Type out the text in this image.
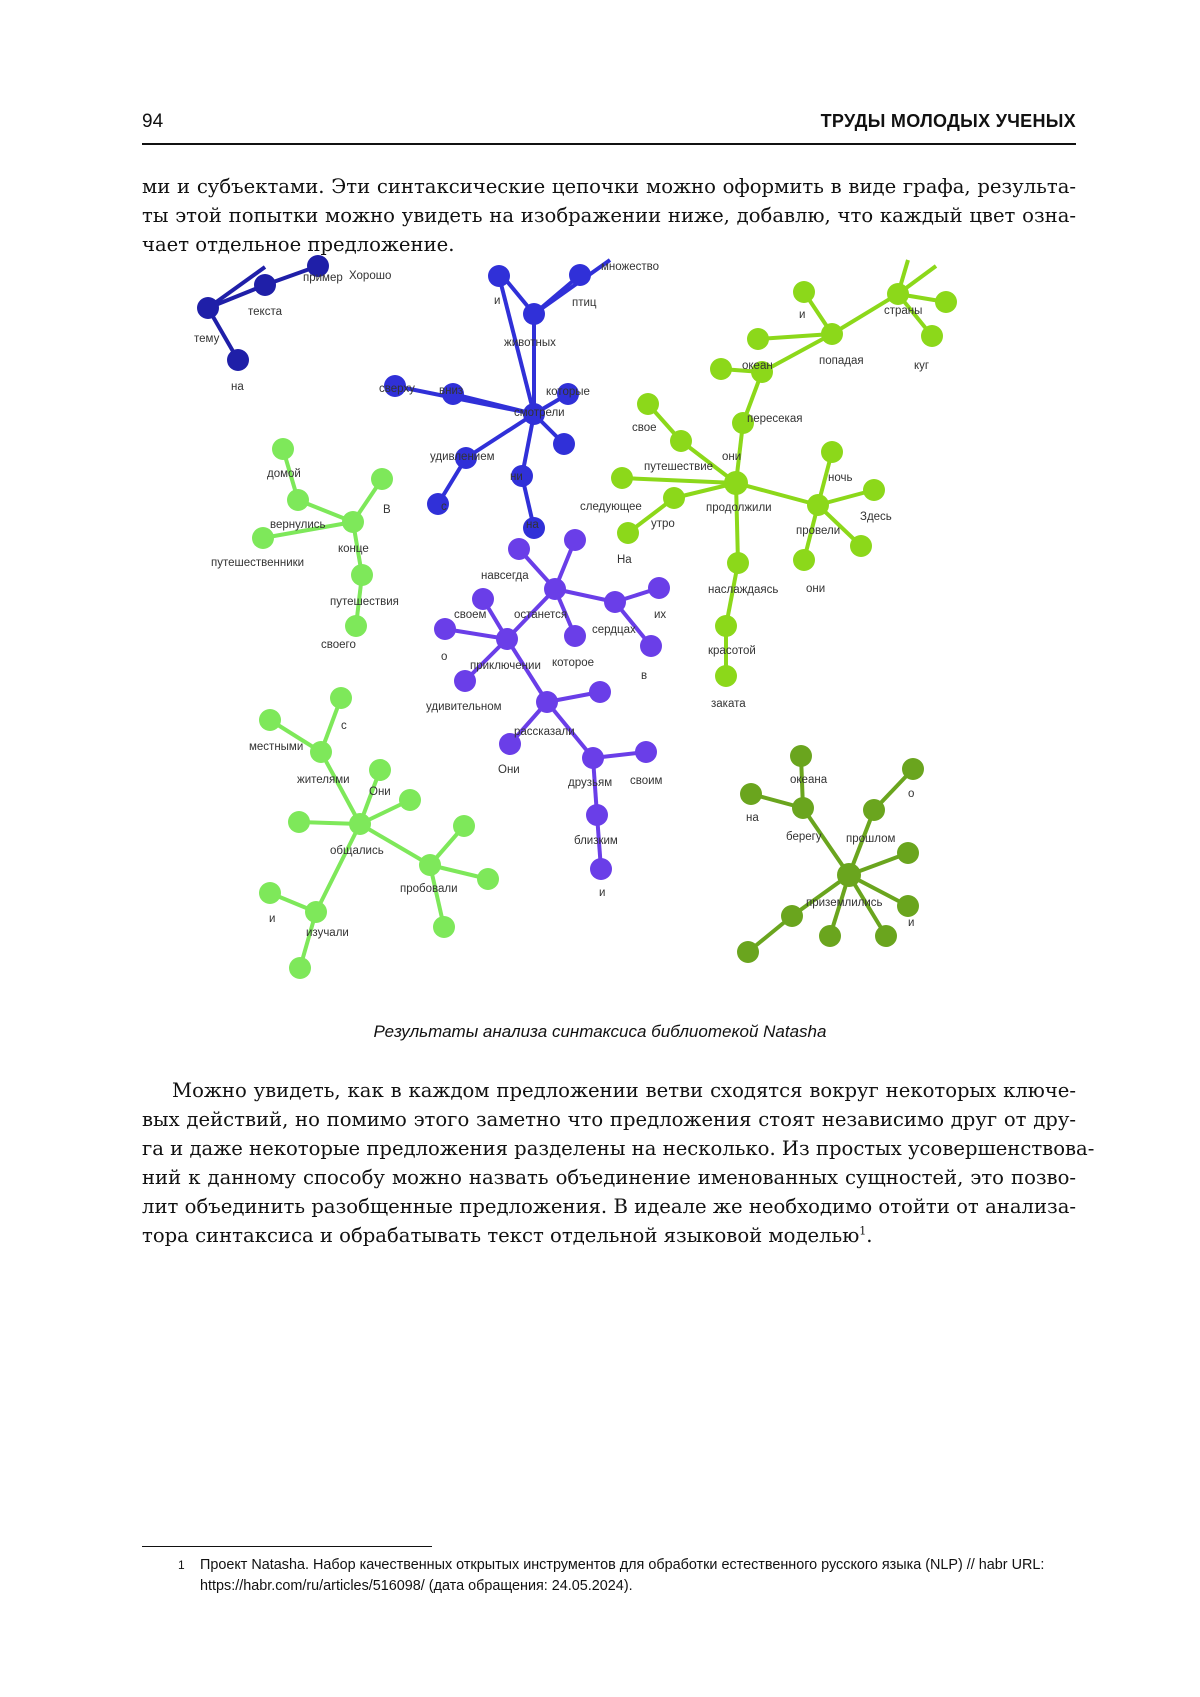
94	ТРУДЫ МОЛОДЫХ УЧЕНЫХ

ми и субъектами. Эти синтаксические цепочки можно оформить в виде графа, результа-
ты этой попытки можно увидеть на изображении ниже, добавлю, что каждый цвет озна-
чает отдельное предложение.

пример Хорошо
текста
тему
на
множество
и	птиц
животных
сверху вниз	которые
смотрели
удивлением
ни
с
на
и	страны
океан	попадая	куг
пересекая
свое
они
путешествие
ночь
следующее	продолжили
Здесь
утро
провели
На
наслаждаясь они
красотой
заката
домой
вернулись
В
конце
путешественники
путешествия
своего
навсегда
своем останется	их
сердцах
о
приключении которое
в
удивительном
рассказали
Они
друзьям своим
близким
и
с
местными
жителями
Они
общались
пробовали
и
изучали
океана
о
на
берегу прошлом
приземлились
и
Результаты анализа синтаксиса библиотекой Natasha

Можно увидеть, как в каждом предложении ветви сходятся вокруг некоторых ключе-
вых действий, но помимо этого заметно что предложения стоят независимо друг от дру-
га и даже некоторые предложения разделены на несколько. Из простых усовершенствова-
ний к данному способу можно назвать объединение именованных сущностей, это позво-
лит объединить разобщенные предложения. В идеале же необходимо отойти от анализа-
тора синтаксиса и обрабатывать текст отдельной языковой моделью1.

1 Проект Natasha. Набор качественных открытых инструментов для обработки естественного русского языка (NLP) // habr URL: https://habr.com/ru/articles/516098/ (дата обращения: 24.05.2024).
